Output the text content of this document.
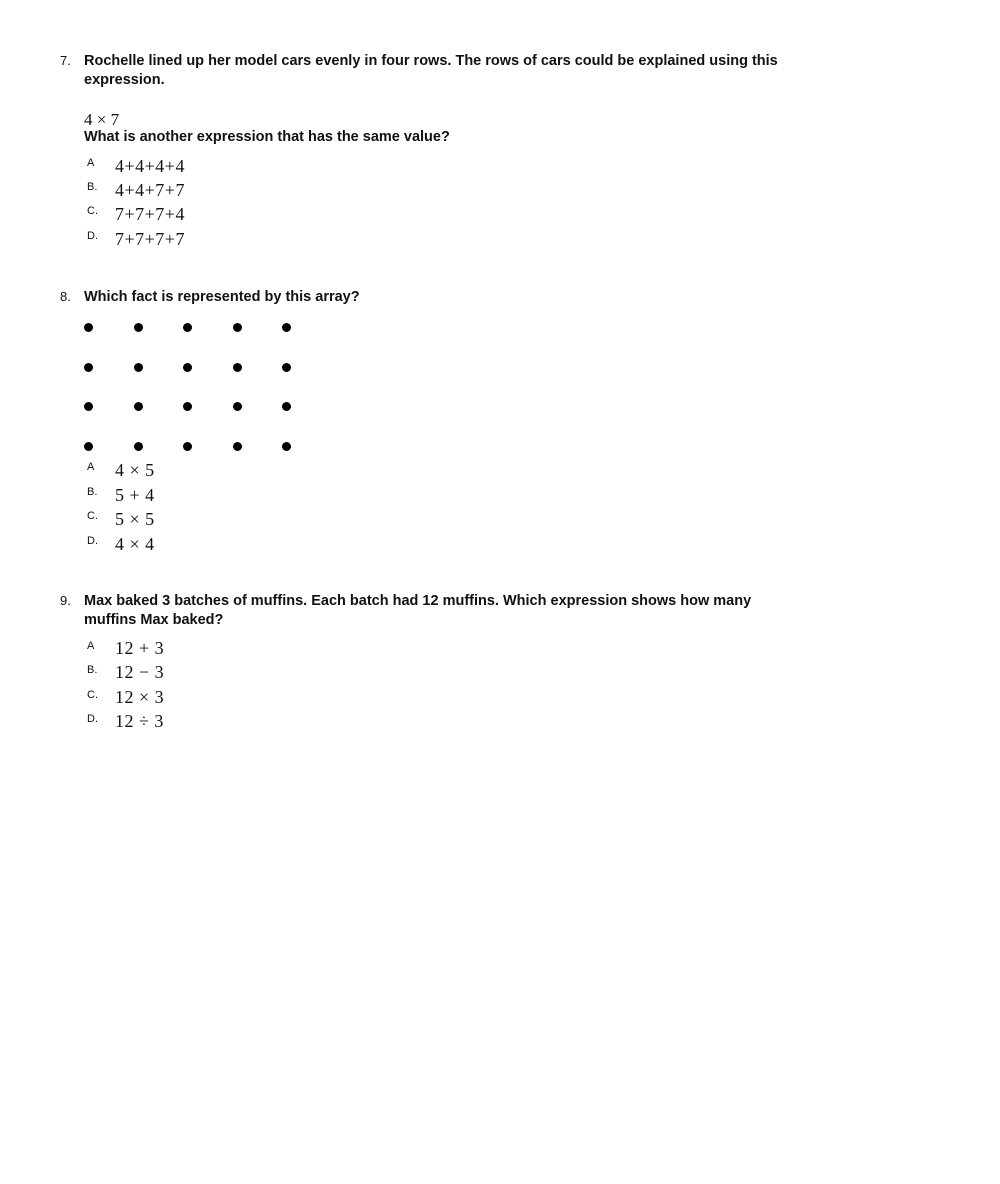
7. Rochelle lined up her model cars evenly in four rows. The rows of cars could be explained using this expression.
4 × 7
What is another expression that has the same value?
A 4+4+4+4
B. 4+4+7+7
C. 7+7+7+4
D. 7+7+7+7
8. Which fact is represented by this array?
A 4 × 5
B. 5 + 4
C. 5 × 5
D. 4 × 4
9. Max baked 3 batches of muffins. Each batch had 12 muffins. Which expression shows how many muffins Max baked?
A 12 + 3
B. 12 − 3
C. 12 × 3
D. 12 ÷ 3
